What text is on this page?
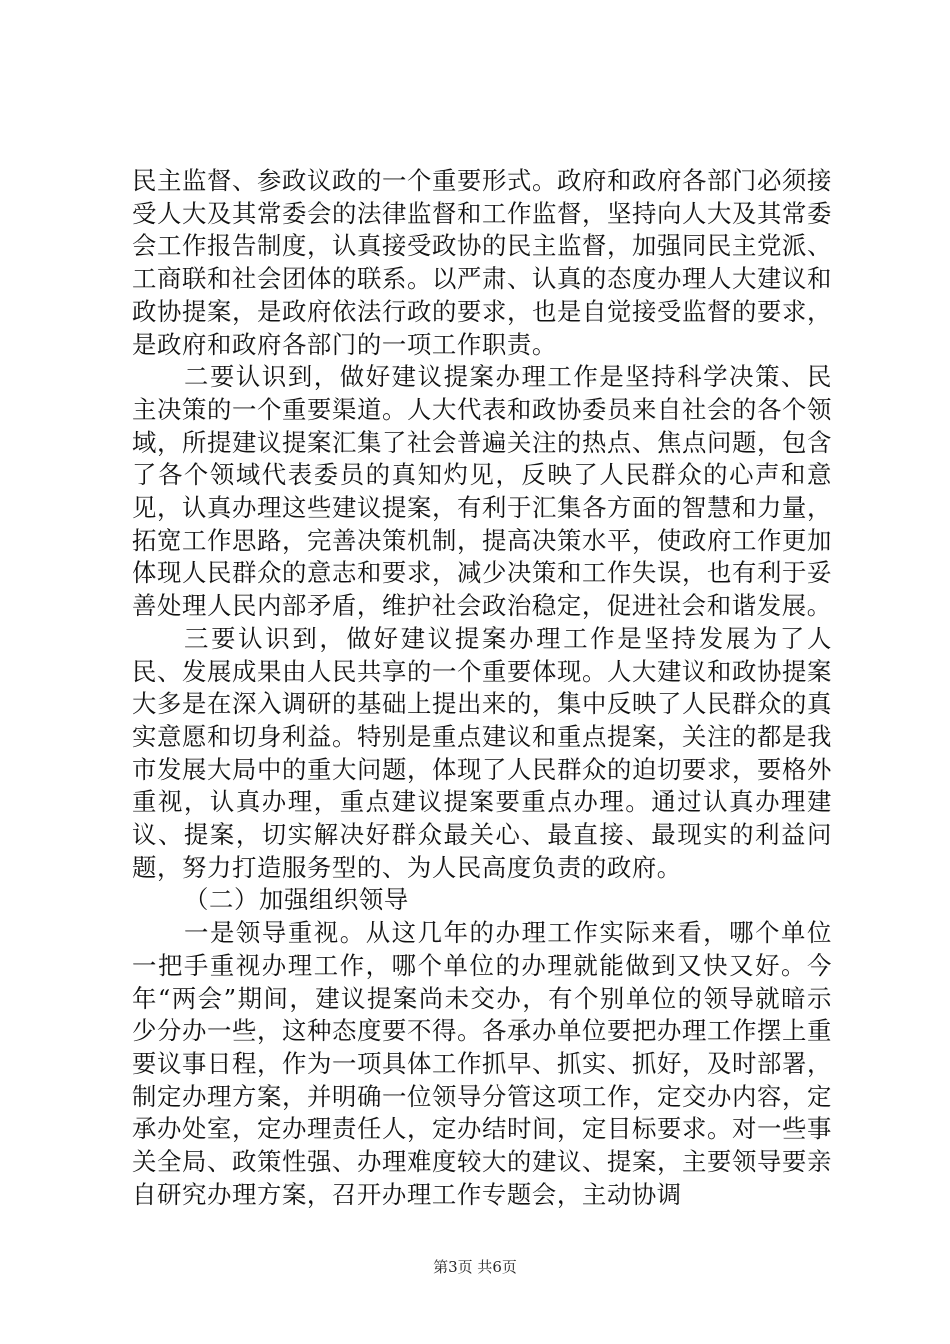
民主监督、参政议政的一个重要形式。政府和政府各部门必须接受人大及其常委会的法律监督和工作监督，坚持向人大及其常委会工作报告制度，认真接受政协的民主监督，加强同民主党派、工商联和社会团体的联系。以严肃、认真的态度办理人大建议和政协提案，是政府依法行政的要求，也是自觉接受监督的要求，是政府和政府各部门的一项工作职责。

二要认识到，做好建议提案办理工作是坚持科学决策、民主决策的一个重要渠道。人大代表和政协委员来自社会的各个领域，所提建议提案汇集了社会普遍关注的热点、焦点问题，包含了各个领域代表委员的真知灼见，反映了人民群众的心声和意见，认真办理这些建议提案，有利于汇集各方面的智慧和力量，拓宽工作思路，完善决策机制，提高决策水平，使政府工作更加体现人民群众的意志和要求，减少决策和工作失误，也有利于妥善处理人民内部矛盾，维护社会政治稳定，促进社会和谐发展。

三要认识到，做好建议提案办理工作是坚持发展为了人民、发展成果由人民共享的一个重要体现。人大建议和政协提案大多是在深入调研的基础上提出来的，集中反映了人民群众的真实意愿和切身利益。特别是重点建议和重点提案，关注的都是我市发展大局中的重大问题，体现了人民群众的迫切要求，要格外重视，认真办理，重点建议提案要重点办理。通过认真办理建议、提案，切实解决好群众最关心、最直接、最现实的利益问题，努力打造服务型的、为人民高度负责的政府。

（二）加强组织领导

一是领导重视。从这几年的办理工作实际来看，哪个单位一把手重视办理工作，哪个单位的办理就能做到又快又好。今年“两会”期间，建议提案尚未交办，有个别单位的领导就暗示少分办一些，这种态度要不得。各承办单位要把办理工作摆上重要议事日程，作为一项具体工作抓早、抓实、抓好，及时部署，制定办理方案，并明确一位领导分管这项工作，定交办内容，定承办处室，定办理责任人，定办结时间，定目标要求。对一些事关全局、政策性强、办理难度较大的建议、提案，主要领导要亲自研究办理方案，召开办理工作专题会，主动协调

第3页 共6页
